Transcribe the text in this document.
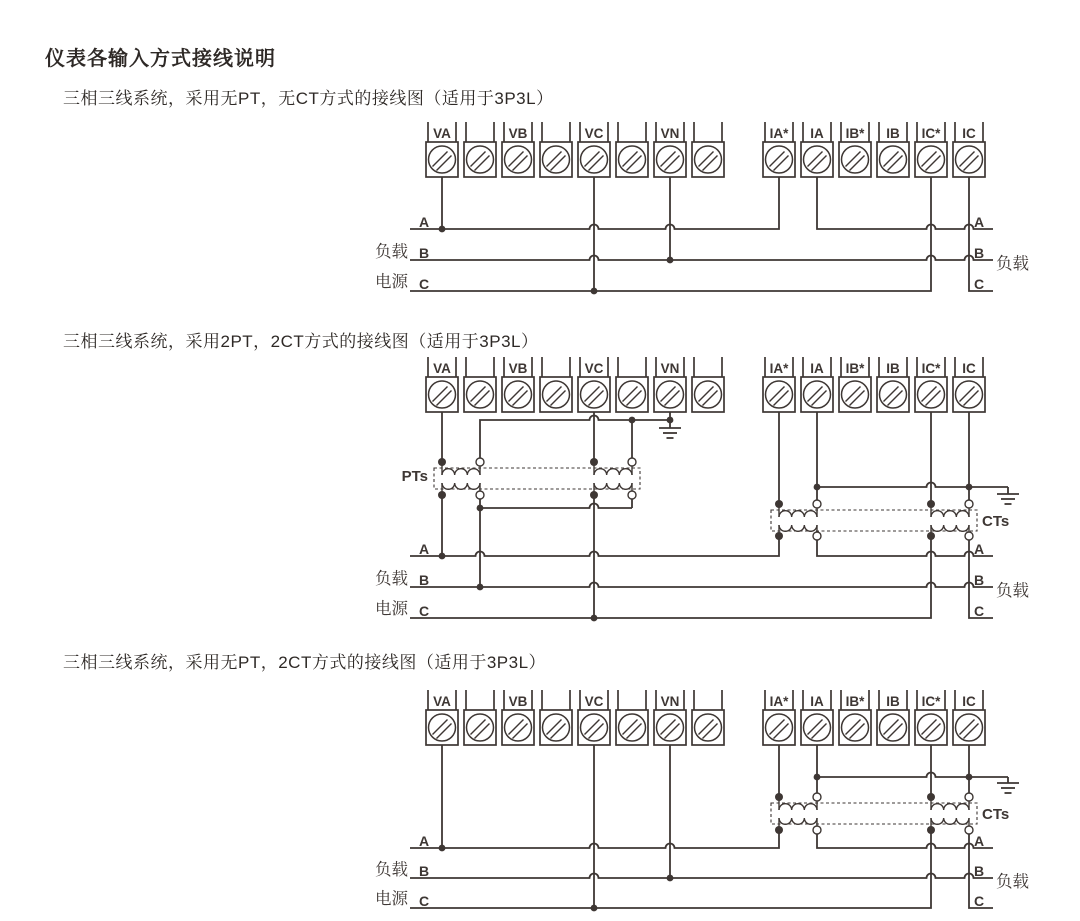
仪表各输入方式接线说明
三相三线系统，采用无PT，无CT方式的接线图（适用于3P3L）
三相三线系统，采用2PT，2CT方式的接线图（适用于3P3L）
三相三线系统，采用无PT，2CT方式的接线图（适用于3P3L）
VA	VB	VC	VN	IA* IA IB* IB IC* IC
A	A
B	B
C	C
负载
电源
负载
PTs
CTs
VA	VB	VC	VN	IA* IA IB* IB IC* IC
A	A
B	B
C	C
负载
电源
负载
CTs
VA	VB	VC	VN	IA* IA IB* IB IC* IC
A	A
B	B
C	C
负载
电源
负载
